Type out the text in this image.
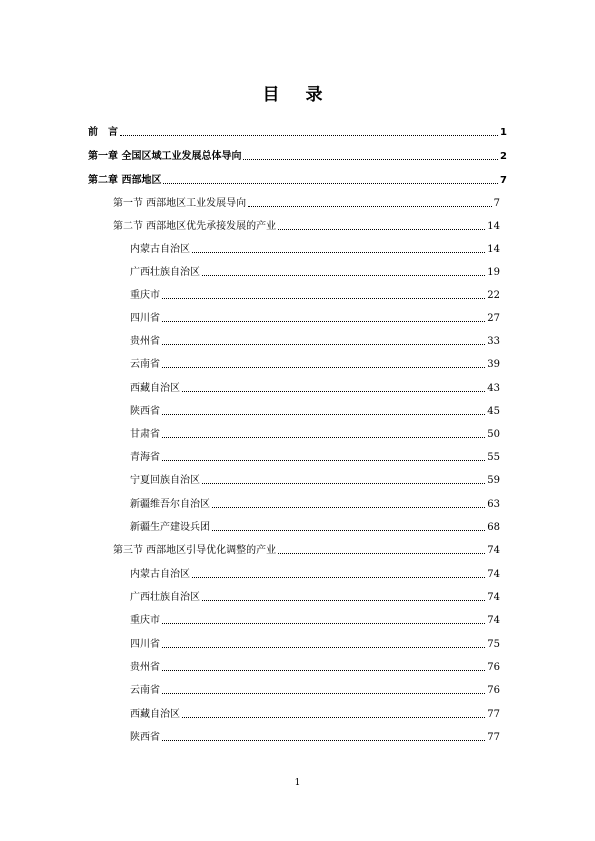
目 录
前　言	1
第一章 全国区域工业发展总体导向	2
第二章 西部地区	7
第一节 西部地区工业发展导向	7
第二节 西部地区优先承接发展的产业	14
内蒙古自治区	14
广西壮族自治区	19
重庆市	22
四川省	27
贵州省	33
云南省	39
西藏自治区	43
陕西省	45
甘肃省	50
青海省	55
宁夏回族自治区	59
新疆维吾尔自治区	63
新疆生产建设兵团	68
第三节 西部地区引导优化调整的产业	74
内蒙古自治区	74
广西壮族自治区	74
重庆市	74
四川省	75
贵州省	76
云南省	76
西藏自治区	77
陕西省	77
1
